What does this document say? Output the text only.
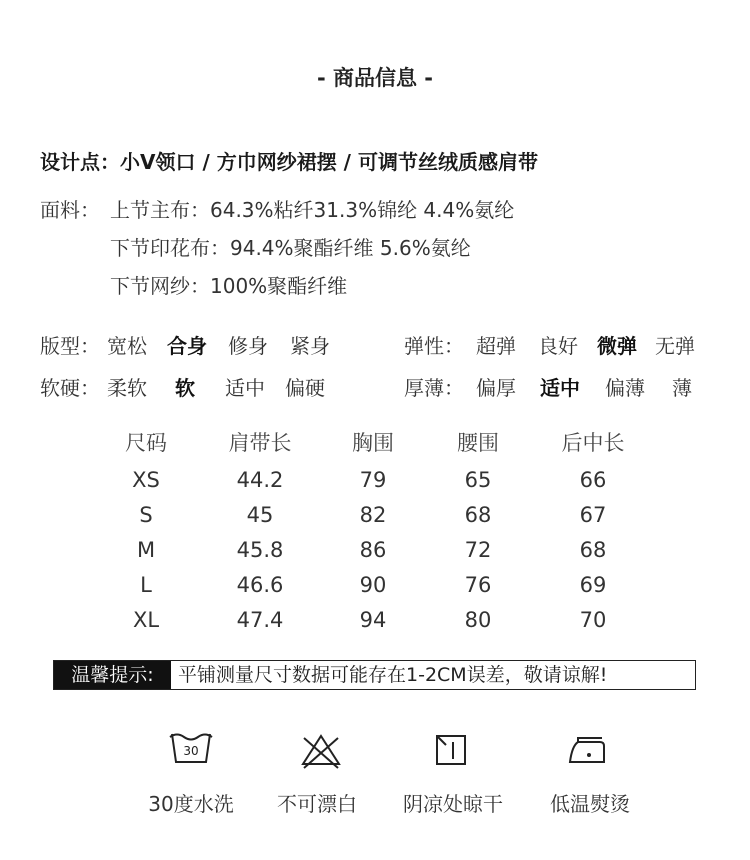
- 商品信息 -
设计点：小V领口 / 方巾网纱裙摆 / 可调节丝绒质感肩带
面料： 上节主布：64.3%粘纤31.3%锦纶 4.4%氨纶
下节印花布：94.4%聚酯纤维 5.6%氨纶
下节网纱：100%聚酯纤维
版型： 宽松 合身 修身 紧身	弹性： 超弹 良好 微弹 无弹
软硬： 柔软 软 适中 偏硬	厚薄： 偏厚 适中 偏薄 薄
尺码	肩带长	胸围	腰围	后中长
XS	44.2	79	65	66
S	45	82	68	67
M	45.8	86	72	68
L	46.6	90	76	69
XL	47.4	94	80	70
温馨提示:	平铺测量尺寸数据可能存在1-2CM误差，敬请谅解!
30
30度水洗	不可漂白	阴凉处晾干	低温熨烫
